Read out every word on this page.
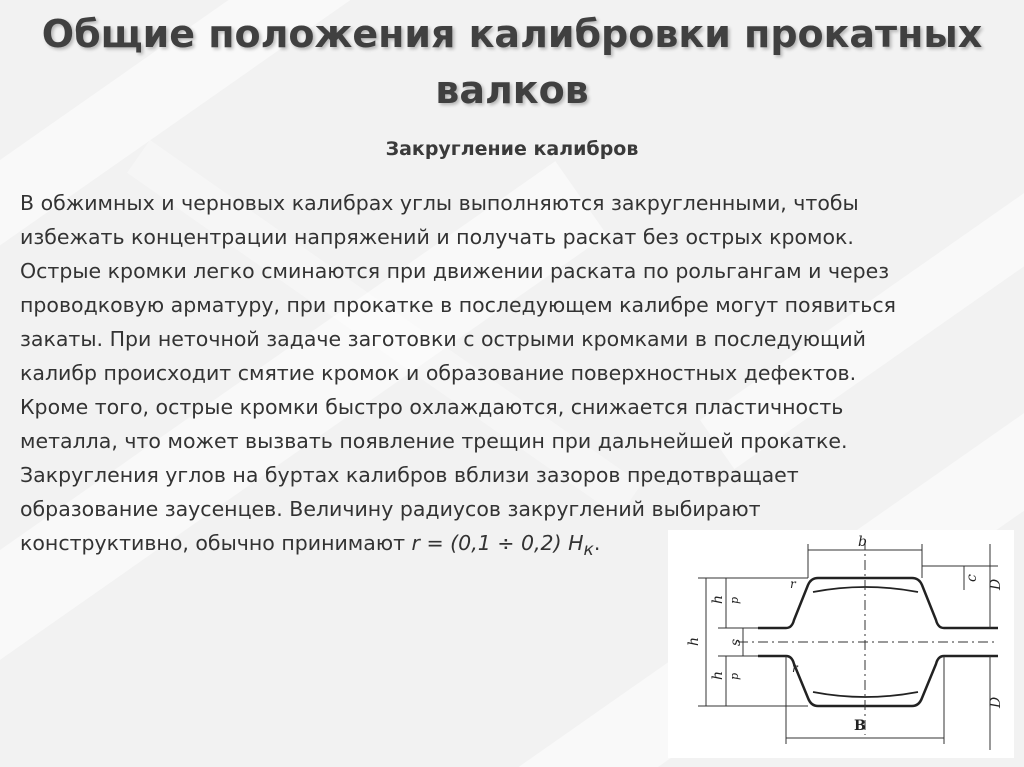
Общие положения калибровки прокатных
валков
Закругление калибров
В обжимных и черновых калибрах углы выполняются закругленными, чтобы
избежать концентрации напряжений и получать раскат без острых кромок.
Острые кромки легко сминаются при движении раската по рольгангам и через
проводковую арматуру, при прокатке в последующем калибре могут появиться
закаты. При неточной задаче заготовки с острыми кромками в последующий
калибр происходит смятие кромок и образование поверхностных дефектов.
Кроме того, острые кромки быстро охлаждаются, снижается пластичность
металла, что может вызвать появление трещин при дальнейшей прокатке.
Закругления углов на буртах калибров вблизи зазоров предотвращает
образование заусенцев. Величину радиусов закруглений выбирают
конструктивно, обычно принимают r = (0,1 ÷ 0,2) $H_к$.	b
B
h
h p
s
h p
c
D
D
r
r
